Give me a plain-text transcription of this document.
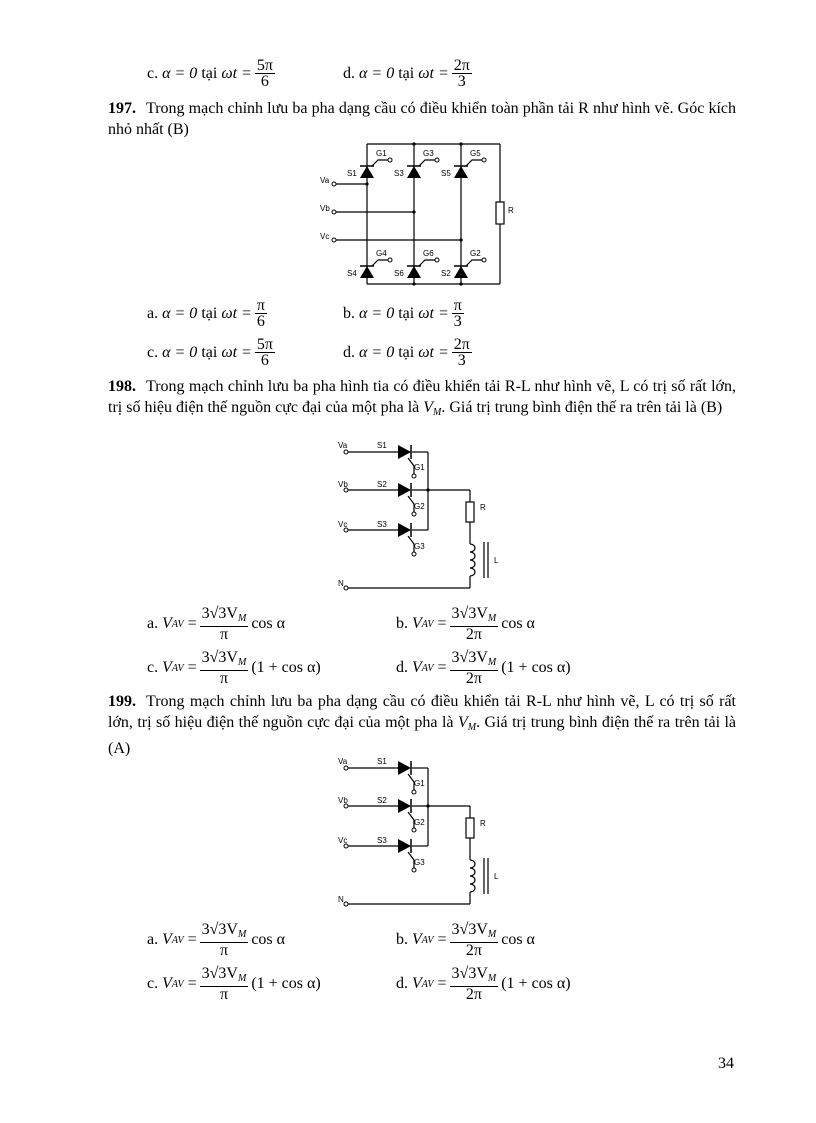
c.
α = 0
tại
$\omega t = \frac{5\pi}{6}$	d.
α = 0
tại
$\omega t = \frac{2\pi}{3}$
197. Trong mạch chỉnh lưu ba pha dạng cầu có điều khiển toàn phần tải R như hình vẽ. Góc kích nhỏ nhất (B)
G1	G3	G5
G4	G6	G2
S1	S3	S5
S4	S6	S2
Va
Vb
Vc
R
a.
α = 0
tại
$\omega t = \frac{\pi}{6}$	b.
α = 0
tại
$\omega t = \frac{\pi}{3}$
c.
α = 0
tại
$\omega t = \frac{5\pi}{6}$	d.
α = 0
tại
$\omega t = \frac{2\pi}{3}$
198. Trong mạch chỉnh lưu ba pha hình tia có điều khiển tải R-L như hình vẽ, L có trị số rất lớn, trị số hiệu điện thế nguồn cực đại của một pha là $V_M$. Giá trị trung bình điện thế ra trên tải là (B)
Va
Vb
Vc
N
S1
S2
S3
G1
G2
G3
R
L
a.
V AV = $\frac{3√3V_M}{\pi}$ cos α	b.
V AV = $\frac{3√3V_M}{2\pi}$ cos α
c.
V AV = $\frac{3√3V_M}{\pi} (1 + \cos \alpha)$	d.
V AV = $\frac{3√3V_M}{2\pi} (1 + \cos \alpha)$
199. Trong mạch chỉnh lưu ba pha dạng cầu có điều khiển tải R-L như hình vẽ, L có trị số rất lớn, trị số hiệu điện thế nguồn cực đại của một pha là $V_M$. Giá trị trung bình điện thế ra trên tải là (A)
Va
Vb
Vc
N
S1
S2
S3
G1
G2
G3
R
L
a.
V AV = $\frac{3√3V_M}{\pi}$ cos α	b.
V AV = $\frac{3√3V_M}{2\pi}$ cos α
c.
V AV = $\frac{3√3V_M}{\pi} (1 + \cos \alpha)$	d.
V AV = $\frac{3√3V_M}{2\pi} (1 + \cos \alpha)$
34
